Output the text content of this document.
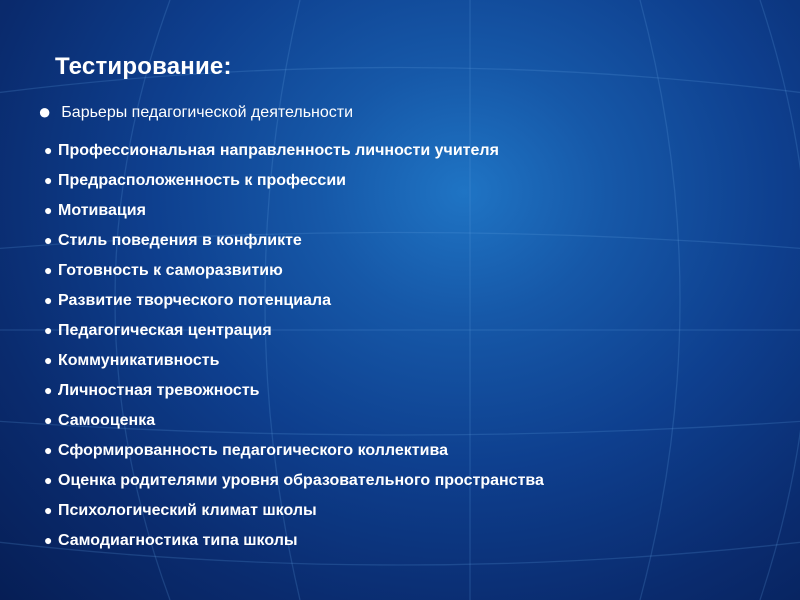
Тестирование:
● Барьеры педагогической деятельности
● Профессиональная направленность личности учителя
● Предрасположенность к профессии
● Мотивация
● Стиль поведения в конфликте
● Готовность к саморазвитию
● Развитие творческого потенциала
● Педагогическая центрация
● Коммуникативность
● Личностная тревожность
● Самооценка
● Сформированность педагогического коллектива
● Оценка родителями уровня образовательного пространства
● Психологический климат школы
● Самодиагностика типа школы
